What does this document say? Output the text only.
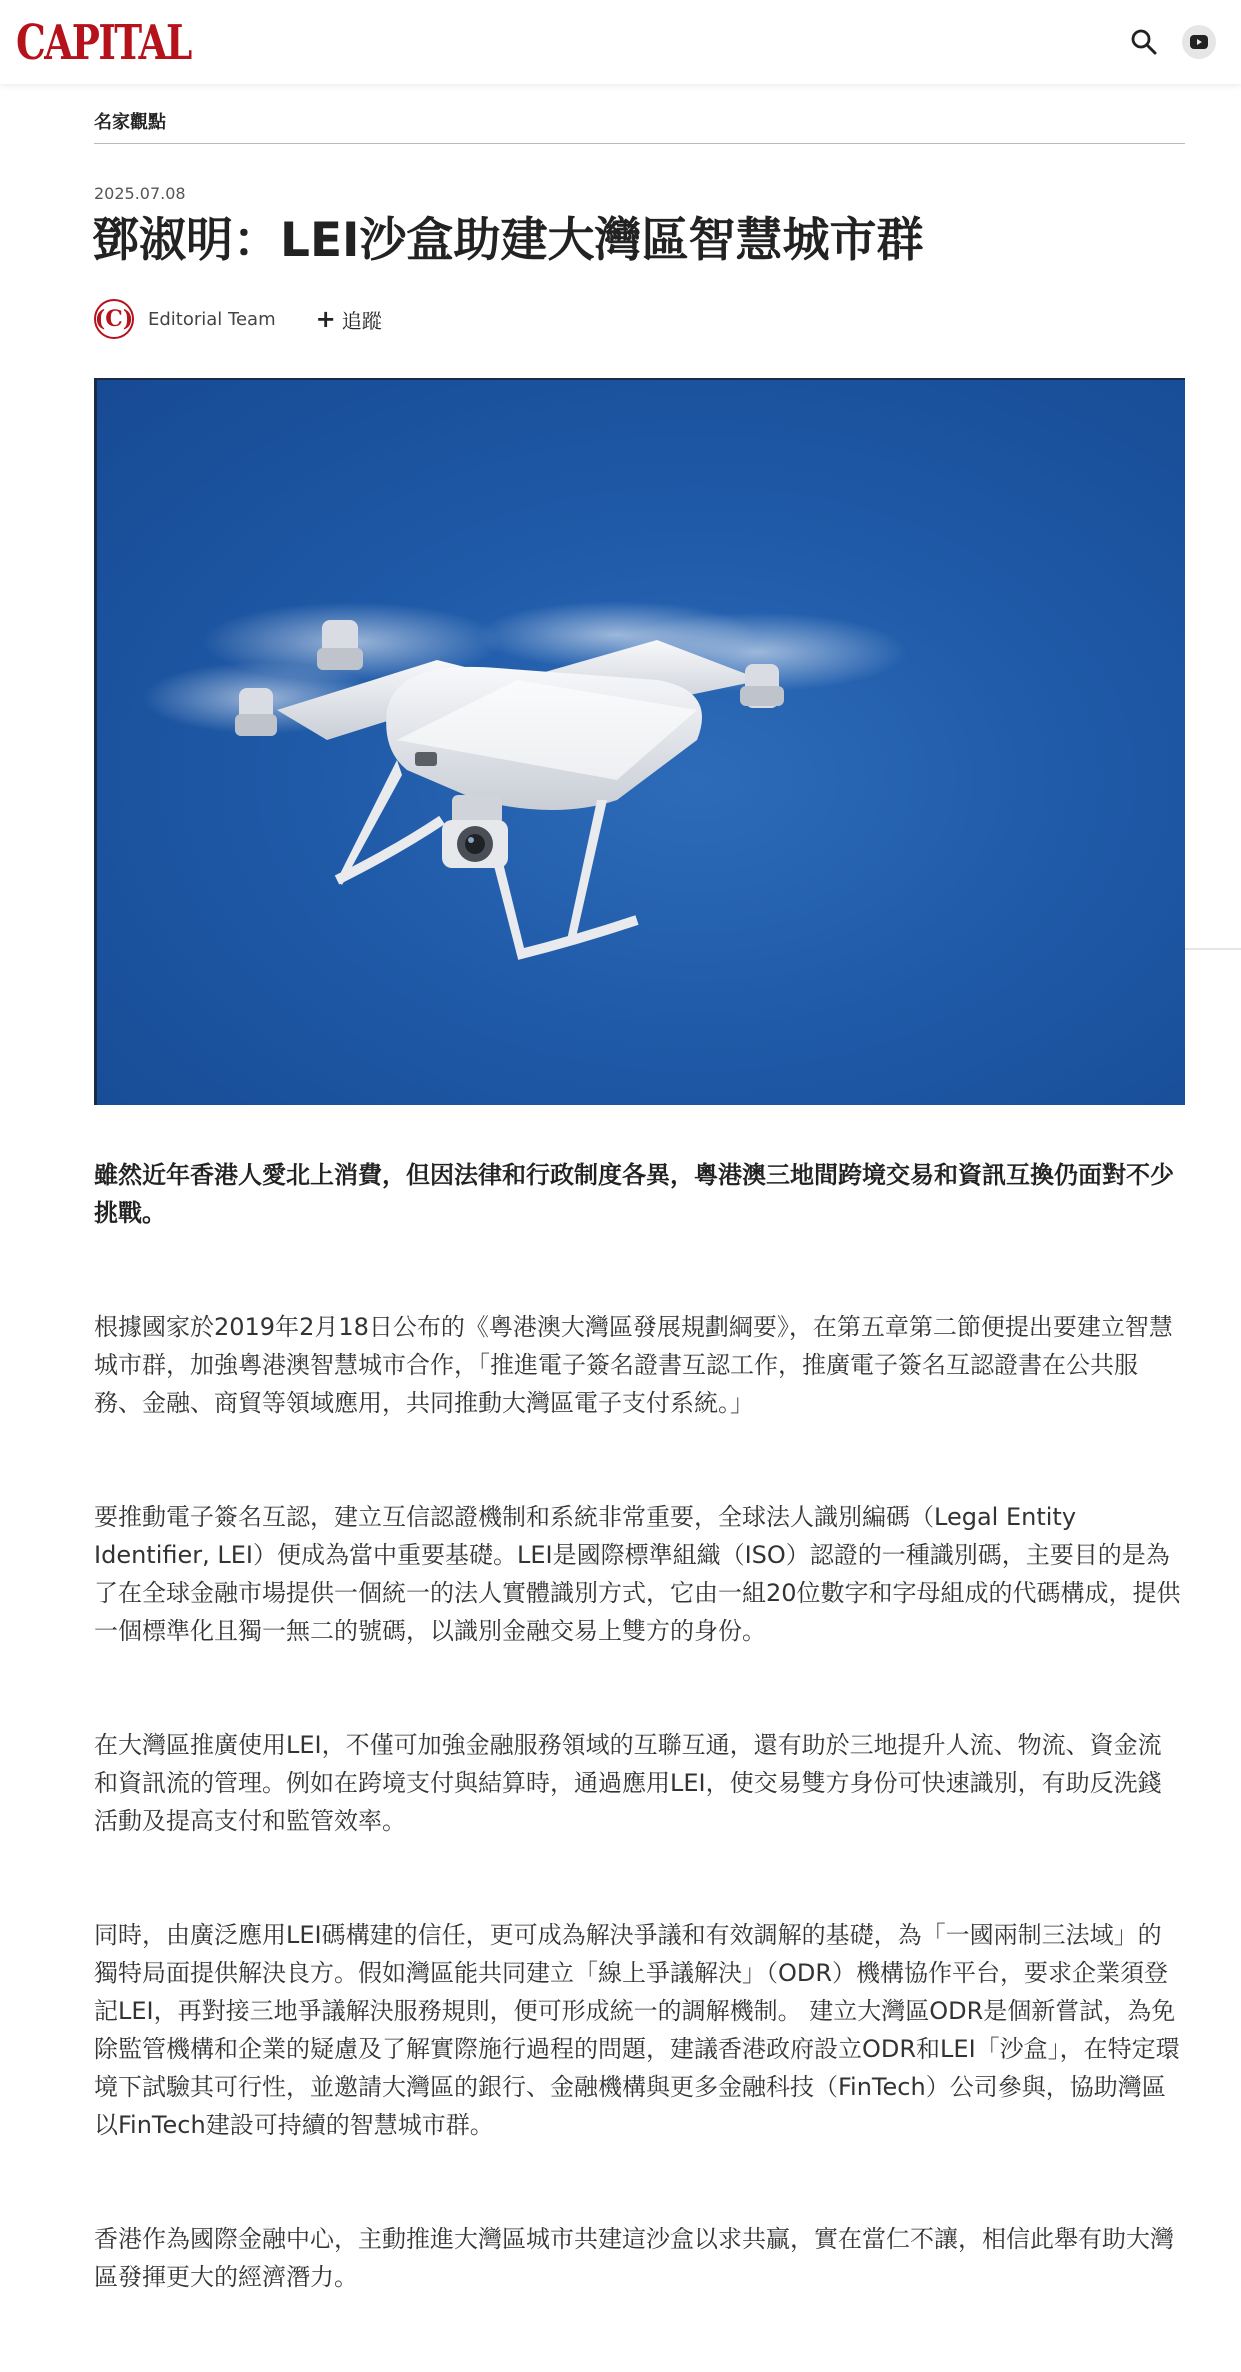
CAPITAL
名家觀點
2025.07.08
鄧淑明：LEI沙盒助建大灣區智慧城市群
(C) Editorial Team + 追蹤

雖然近年香港人愛北上消費，但因法律和行政制度各異，粵港澳三地間跨境交易和資訊互換仍面對不少挑戰。

根據國家於2019年2月18日公布的《粵港澳大灣區發展規劃綱要》，在第五章第二節便提出要建立智慧城市群，加強粵港澳智慧城市合作，「推進電子簽名證書互認工作，推廣電子簽名互認證書在公共服務、金融、商貿等領域應用，共同推動大灣區電子支付系統。」

要推動電子簽名互認，建立互信認證機制和系統非常重要，全球法人識別編碼（Legal Entity Identifier, LEI）便成為當中重要基礎。LEI是國際標準組織（ISO）認證的一種識別碼，主要目的是為了在全球金融市場提供一個統一的法人實體識別方式，它由一組20位數字和字母組成的代碼構成，提供一個標準化且獨一無二的號碼，以識別金融交易上雙方的身份。

在大灣區推廣使用LEI，不僅可加強金融服務領域的互聯互通，還有助於三地提升人流、物流、資金流和資訊流的管理。例如在跨境支付與結算時，通過應用LEI，使交易雙方身份可快速識別，有助反洗錢活動及提高支付和監管效率。

同時，由廣泛應用LEI碼構建的信任，更可成為解決爭議和有效調解的基礎，為「一國兩制三法域」的獨特局面提供解決良方。假如灣區能共同建立「線上爭議解決」（ODR）機構協作平台，要求企業須登記LEI，再對接三地爭議解決服務規則，便可形成統一的調解機制。 建立大灣區ODR是個新嘗試，為免除監管機構和企業的疑慮及了解實際施行過程的問題，建議香港政府設立ODR和LEI「沙盒」，在特定環境下試驗其可行性，並邀請大灣區的銀行、金融機構與更多金融科技（FinTech）公司參與，協助灣區以FinTech建設可持續的智慧城市群。

香港作為國際金融中心，主動推進大灣區城市共建這沙盒以求共贏，實在當仁不讓，相信此舉有助大灣區發揮更大的經濟潛力。
